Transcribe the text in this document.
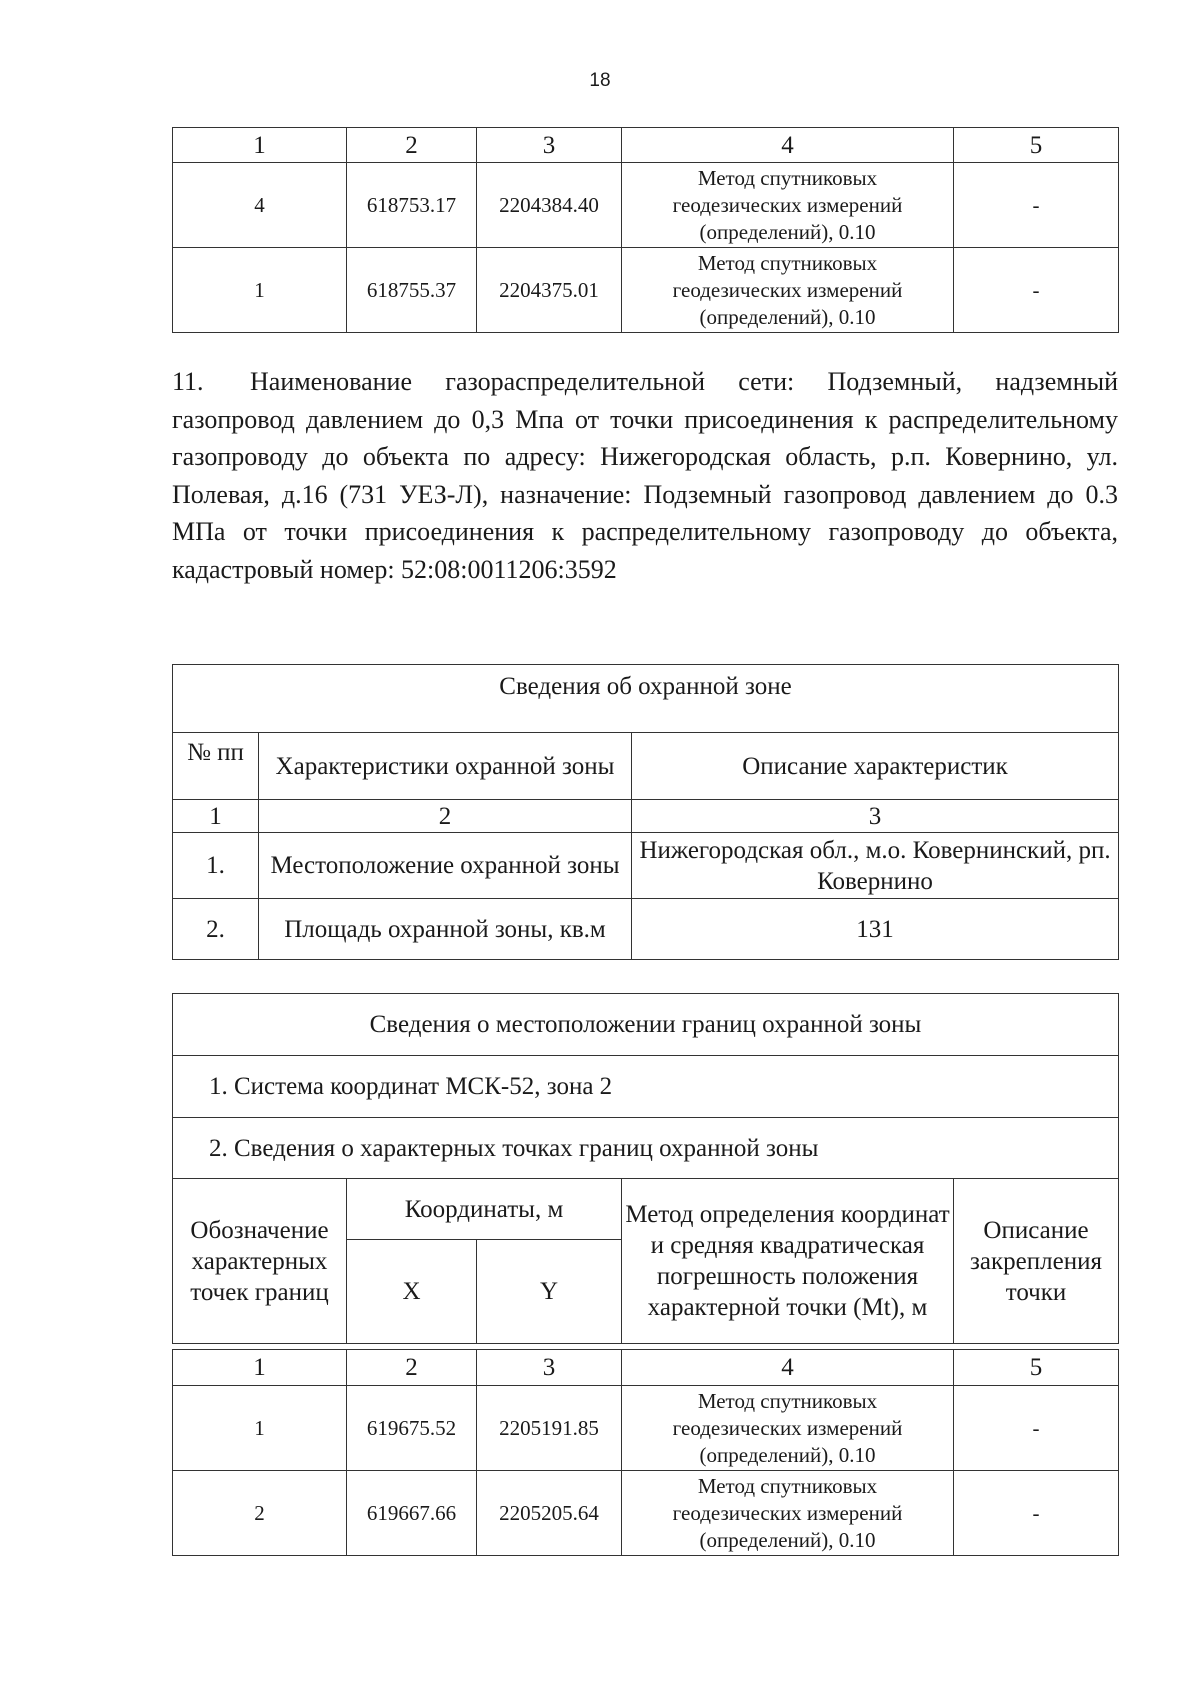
18
1	2	3	4	5
4	618753.17	2204384.40	Метод спутниковых
геодезических измерений
(определений), 0.10	-
1	618755.37	2204375.01	Метод спутниковых
геодезических измерений
(определений), 0.10	-

11. Наименование газораспределительной сети: Подземный, надземный газопровод давлением до 0,3 Мпа от точки присоединения к распределительному газопроводу до объекта по адресу: Нижегородская область, р.п. Ковернино, ул. Полевая, д.16 (731 УЕЗ-Л), назначение: Подземный газопровод давлением до 0.3 МПа от точки присоединения к распределительному газопроводу до объекта, кадастровый номер: 52:08:0011206:3592

Сведения об охранной зоне		
№ пп	Характеристики охранной зоны	Описание характеристик
1	2	3
1.	Местоположение охранной зоны	Нижегородская обл., м.о. Ковернинский, рп. Ковернино
2.	Площадь охранной зоны, кв.м	131
Сведения о местоположении границ охранной зоны				
1. Система координат МСК-52, зона 2				
2. Сведения о характерных точках границ охранной зоны				
Обозначение характерных точек границ	Координаты, м		Метод определения координат и средняя квадратическая погрешность положения характерной точки (Mt), м	Описание закрепления точки
	X	Y		
1	2	3	4	5
1	619675.52	2205191.85	Метод спутниковых
геодезических измерений
(определений), 0.10	-
2	619667.66	2205205.64	Метод спутниковых
геодезических измерений
(определений), 0.10	-
